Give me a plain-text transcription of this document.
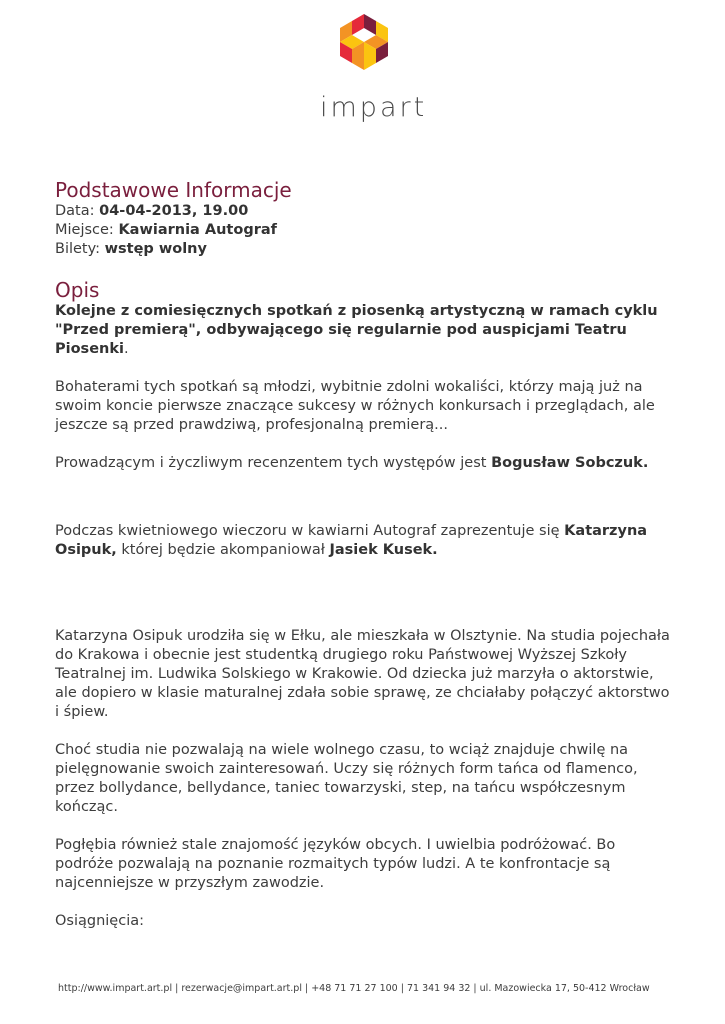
impart
Podstawowe Informacje
Data: 04-04-2013, 19.00
Miejsce: Kawiarnia Autograf
Bilety: wstęp wolny
Opis

Kolejne z comiesięcznych spotkań z piosenką artystyczną w ramach cyklu "Przed premierą", odbywającego się regularnie pod auspicjami Teatru Piosenki.

Bohaterami tych spotkań są młodzi, wybitnie zdolni wokaliści, którzy mają już na swoim koncie pierwsze znaczące sukcesy w różnych konkursach i przeglądach, ale jeszcze są przed prawdziwą, profesjonalną premierą...

Prowadzącym i życzliwym recenzentem tych występów jest Bogusław Sobczuk.

Podczas kwietniowego wieczoru w kawiarni Autograf zaprezentuje się Katarzyna Osipuk, której będzie akompaniował Jasiek Kusek.

Katarzyna Osipuk urodziła się w Ełku, ale mieszkała w Olsztynie. Na studia pojechała do Krakowa i obecnie jest studentką drugiego roku Państwowej Wyższej Szkoły Teatralnej im. Ludwika Solskiego w Krakowie. Od dziecka już marzyła o aktorstwie, ale dopiero w klasie maturalnej zdała sobie sprawę, ze chciałaby połączyć aktorstwo i śpiew.

Choć studia nie pozwalają na wiele wolnego czasu, to wciąż znajduje chwilę na pielęgnowanie swoich zainteresowań. Uczy się różnych form tańca od flamenco, przez bollydance, bellydance, taniec towarzyski, step, na tańcu współczesnym kończąc.

Pogłębia również stale znajomość języków obcych. I uwielbia podróżować. Bo podróże pozwalają na poznanie rozmaitych typów ludzi. A te konfrontacje są najcenniejsze w przyszłym zawodzie.

Osiągnięcia:

http://www.impart.art.pl | rezerwacje@impart.art.pl | +48 71 71 27 100 | 71 341 94 32 | ul. Mazowiecka 17, 50-412 Wrocław
